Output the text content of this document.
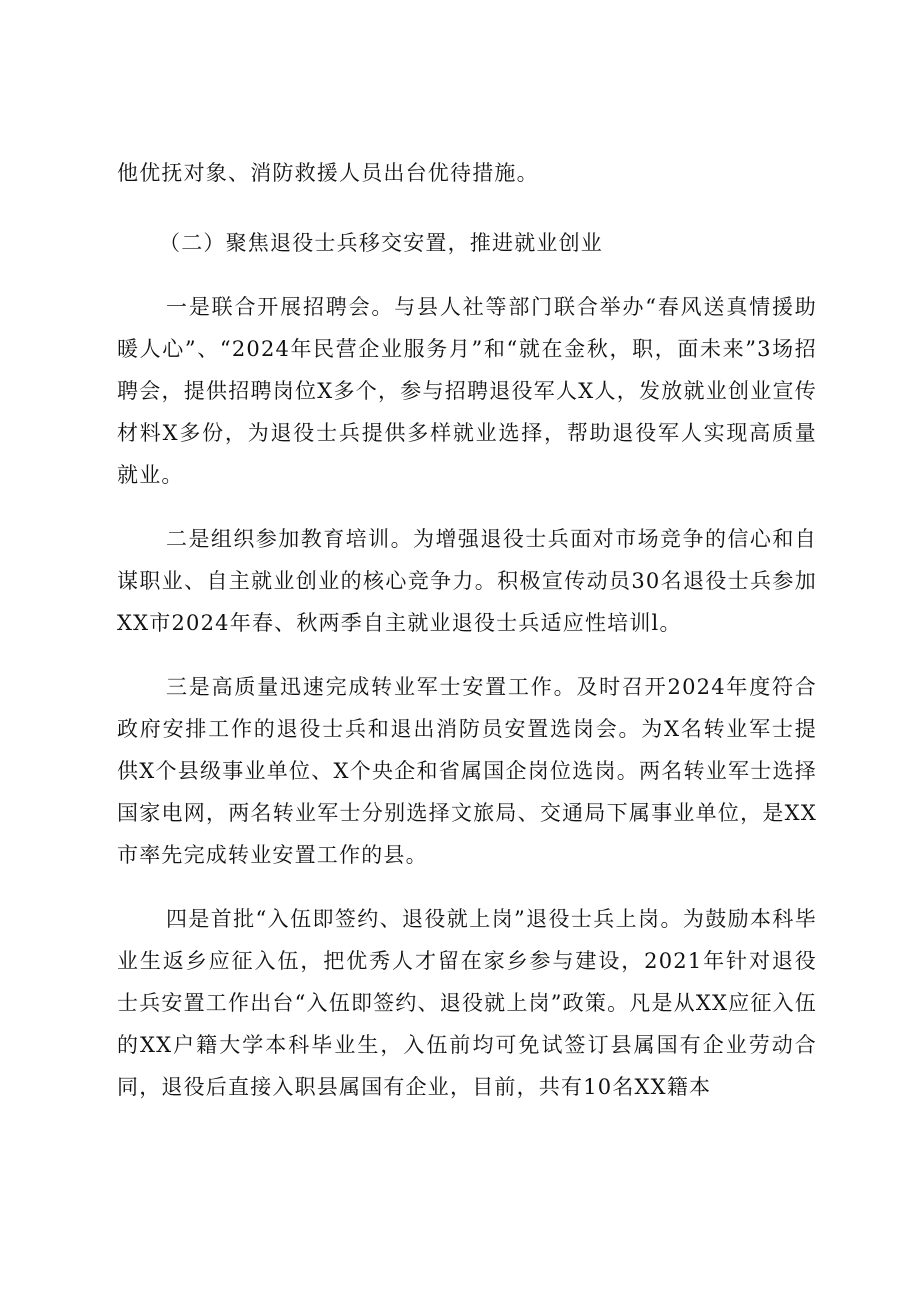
他优抚对象、消防救援人员出台优待措施。

（二）聚焦退役士兵移交安置，推进就业创业

一是联合开展招聘会。与县人社等部门联合举办“春风送真情援助暖人心”、“2024年民营企业服务月”和“就在金秋，职，面未来”3场招聘会，提供招聘岗位X多个，参与招聘退役军人X人，发放就业创业宣传材料X多份，为退役士兵提供多样就业选择，帮助退役军人实现高质量就业。

二是组织参加教育培训。为增强退役士兵面对市场竞争的信心和自谋职业、自主就业创业的核心竞争力。积极宣传动员30名退役士兵参加XX市2024年春、秋两季自主就业退役士兵适应性培训l。

三是高质量迅速完成转业军士安置工作。及时召开2024年度符合政府安排工作的退役士兵和退出消防员安置选岗会。为X名转业军士提供X个县级事业单位、X个央企和省属国企岗位选岗。两名转业军士选择国家电网，两名转业军士分别选择文旅局、交通局下属事业单位，是XX市率先完成转业安置工作的县。

四是首批“入伍即签约、退役就上岗”退役士兵上岗。为鼓励本科毕业生返乡应征入伍，把优秀人才留在家乡参与建设，2021年针对退役士兵安置工作出台“入伍即签约、退役就上岗”政策。凡是从XX应征入伍的XX户籍大学本科毕业生，入伍前均可免试签订县属国有企业劳动合同，退役后直接入职县属国有企业，目前，共有10名XX籍本
